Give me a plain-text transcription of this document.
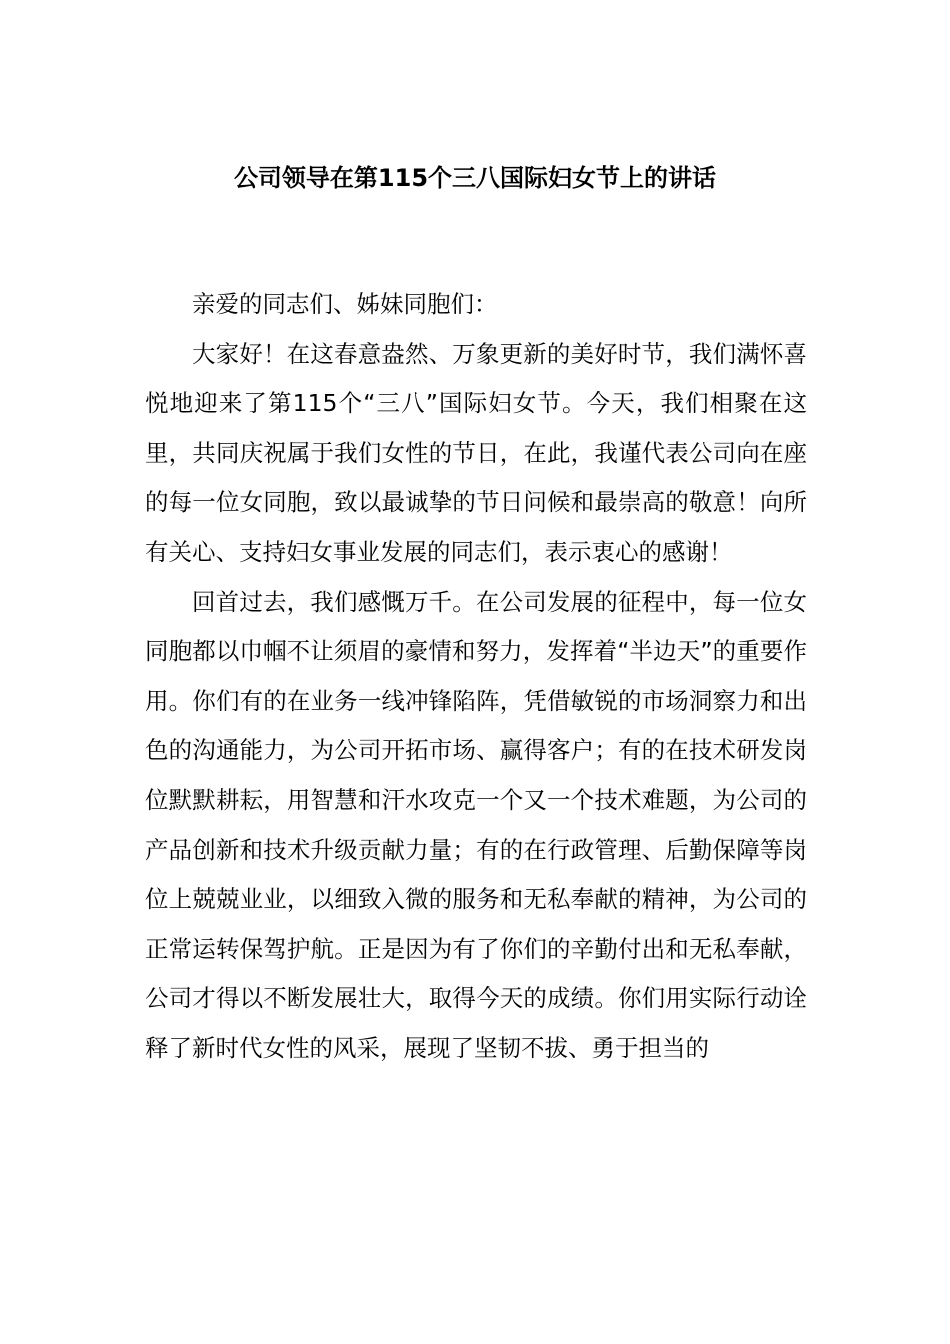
公司领导在第115个三八国际妇女节上的讲话

亲爱的同志们、姊妹同胞们：

大家好！在这春意盎然、万象更新的美好时节，我们满怀喜悦地迎来了第115个“三八”国际妇女节。今天，我们相聚在这里，共同庆祝属于我们女性的节日，在此，我谨代表公司向在座的每一位女同胞，致以最诚挚的节日问候和最崇高的敬意！向所有关心、支持妇女事业发展的同志们，表示衷心的感谢！

回首过去，我们感慨万千。在公司发展的征程中，每一位女同胞都以巾帼不让须眉的豪情和努力，发挥着“半边天”的重要作用。你们有的在业务一线冲锋陷阵，凭借敏锐的市场洞察力和出色的沟通能力，为公司开拓市场、赢得客户；有的在技术研发岗位默默耕耘，用智慧和汗水攻克一个又一个技术难题，为公司的产品创新和技术升级贡献力量；有的在行政管理、后勤保障等岗位上兢兢业业，以细致入微的服务和无私奉献的精神，为公司的正常运转保驾护航。正是因为有了你们的辛勤付出和无私奉献，公司才得以不断发展壮大，取得今天的成绩。你们用实际行动诠释了新时代女性的风采，展现了坚韧不拔、勇于担当的
